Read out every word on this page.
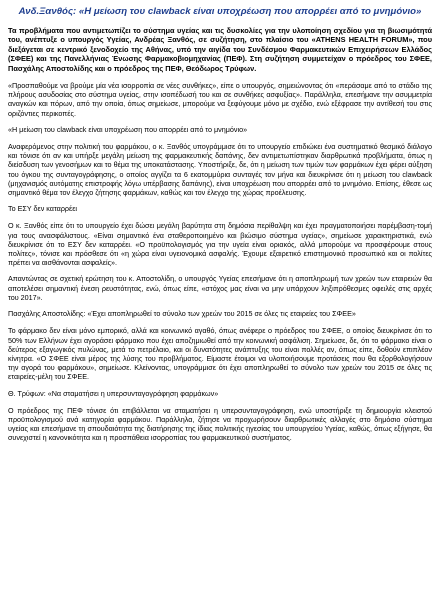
Ανδ.Ξανθός: «Η μείωση του clawback είναι υποχρέωση που απορρέει από το μνημόνιο»

Τα προβλήματα που αντιμετωπίζει το σύστημα υγείας και τις δυσκολίες για την υλοποίηση σχεδίου για τη βιωσιμότητά του, ανέπτυξε ο υπουργός Υγείας, Ανδρέας Ξανθός, σε συζήτηση, στο πλαίσιο του «ATHENS HEALTH FORUM», που διεξάγεται σε κεντρικό ξενοδοχείο της Αθήνας, υπό την αιγίδα του Συνδέσμου Φαρμακευτικών Επιχειρήσεων Ελλάδος (ΣΦΕΕ) και της Πανελλήνιας Ένωσης Φαρμακοβιομηχανίας (ΠΕΦ). Στη συζήτηση συμμετείχαν ο πρόεδρος του ΣΦΕΕ, Πασχάλης Αποστολίδης και ο πρόεδρος της ΠΕΦ, Θεόδωρος Τρύφων.

«Προσπαθούμε να βρούμε μία νέα ισορροπία σε νέες συνθήκες», είπε ο υπουργός, σημειώνοντας ότι «περάσαμε από το στάδιο της πλήρους ασυδοσίας στο σύστημα υγείας, στην ισοπέδωσή του και σε συνθήκες ασφυξίας». Παράλληλα, επεσήμανε την ασυμμετρία αναγκών και πόρων, από την οποία, όπως σημείωσε, μπορούμε να ξεφύγουμε μόνο με σχέδιο, ενώ εξέφρασε την αντίθεσή του στις οριζόντιες περικοπές.

«Η μείωση του clawback είναι υποχρέωση που απορρέει από το μνημόνιο»

Αναφερόμενος στην πολιτική του φαρμάκου, ο κ. Ξανθός υπογράμμισε ότι το υπουργείο επιδιώκει ένα συστηματικό θεσμικό διάλογο και τόνισε ότι αν και υπήρξε μεγάλη μείωση της φαρμακευτικής δαπάνης, δεν αντιμετωπίστηκαν διαρθρωτικά προβλήματα, όπως η διείσδυση των γενοσήμων και το θέμα της υποκατάστασης. Υποστήριξε, δε, ότι η μείωση των τιμών των φαρμάκων έχει φέρει αύξηση του όγκου της συνταγογράφησης, ο οποίος αγγίζει τα 6 εκατομμύρια συνταγές τον μήνα και διευκρίνισε ότι η μείωση του clawback (μηχανισμός αυτόματης επιστροφής λόγω υπέρβασης δαπάνης), είναι υποχρέωση που απορρέει από το μνημόνιο. Επίσης, έθεσε ως σημαντικό θέμα τον έλεγχο ζήτησης φαρμάκων, καθώς και τον έλεγχο της χώρας προέλευσης.

Το ΕΣΥ δεν καταρρέει

Ο κ. Ξανθός είπε ότι το υπουργείο έχει δώσει μεγάλη βαρύτητα στη δημόσια περίθαλψη και έχει πραγματοποιήσει παρέμβαση-τομή για τους ανασφάλιστους. «Είναι σημαντικό ένα σταθεροποιημένο και βιώσιμο σύστημα υγείας», σημείωσε χαρακτηριστικά, ενώ διευκρίνισε ότι το ΕΣΥ δεν καταρρέει. «Ο προϋπολογισμός για την υγεία είναι οριακός, αλλά μπορούμε να προσφέρουμε στους πολίτες», τόνισε και πρόσθεσε ότι «η χώρα είναι υγειονομικά ασφαλής. Έχουμε εξαιρετικό επιστημονικό προσωπικό και οι πολίτες πρέπει να αισθάνονται ασφαλείς».

Απαντώντας σε σχετική ερώτηση του κ. Αποστολίδη, ο υπουργός Υγείας επεσήμανε ότι η αποπληρωμή των χρεών των εταιρειών θα αποτελέσει σημαντική ένεση ρευστότητας, ενώ, όπως είπε, «στόχος μας είναι να μην υπάρχουν ληξιπρόθεσμες οφειλές στις αρχές του 2017».

Πασχάλης Αποστολίδης: «Έχει αποπληρωθεί το σύνολο των χρεών του 2015 σε όλες τις εταιρείες του ΣΦΕΕ»

Το φάρμακο δεν είναι μόνο εμπορικό, αλλά και κοινωνικό αγαθό, όπως ανέφερε ο πρόεδρος του ΣΦΕΕ, ο οποίος διευκρίνισε ότι το 50% των Ελλήνων έχει αγοράσει φάρμακο που έχει αποζημιωθεί από την κοινωνική ασφάλιση. Σημείωσε, δε, ότι το φάρμακο είναι ο δεύτερος εξαγωγικός πυλώνας, μετά το πετρέλαιο, και οι δυνατότητες ανάπτυξης του είναι πολλές αν, όπως είπε, δοθούν επιπλέον κίνητρα. «Ο ΣΦΕΕ είναι μέρος της λύσης του προβλήματος. Είμαστε έτοιμοι να υλοποιήσουμε προτάσεις που θα εξορθολογήσουν την αγορά του φαρμάκου», σημείωσε. Κλείνοντας, υπογράμμισε ότι έχει αποπληρωθεί το σύνολο των χρεών του 2015 σε όλες τις εταιρείες-μέλη του ΣΦΕΕ.

Θ. Τρύφων: «Να σταματήσει η υπερσυνταγογράφηση φαρμάκων»

Ο πρόεδρος της ΠΕΦ τόνισε ότι επιβάλλεται να σταματήσει η υπερσυνταγογράφηση, ενώ υποστήριξε τη δημιουργία κλειστού προϋπολογισμού ανά κατηγορία φαρμάκου. Παράλληλα, ζήτησε να προχωρήσουν διαρθρωτικές αλλαγές στο δημόσιο σύστημα υγείας και επεσήμανε τη σπουδαιότητα της διατήρησης της ίδιας πολιτικής ηγεσίας του υπουργείου Υγείας, καθώς, όπως εξήγησε, θα συνεχιστεί η κανονικότητα και η προσπάθεια ισορροπίας του φαρμακευτικού συστήματος.
